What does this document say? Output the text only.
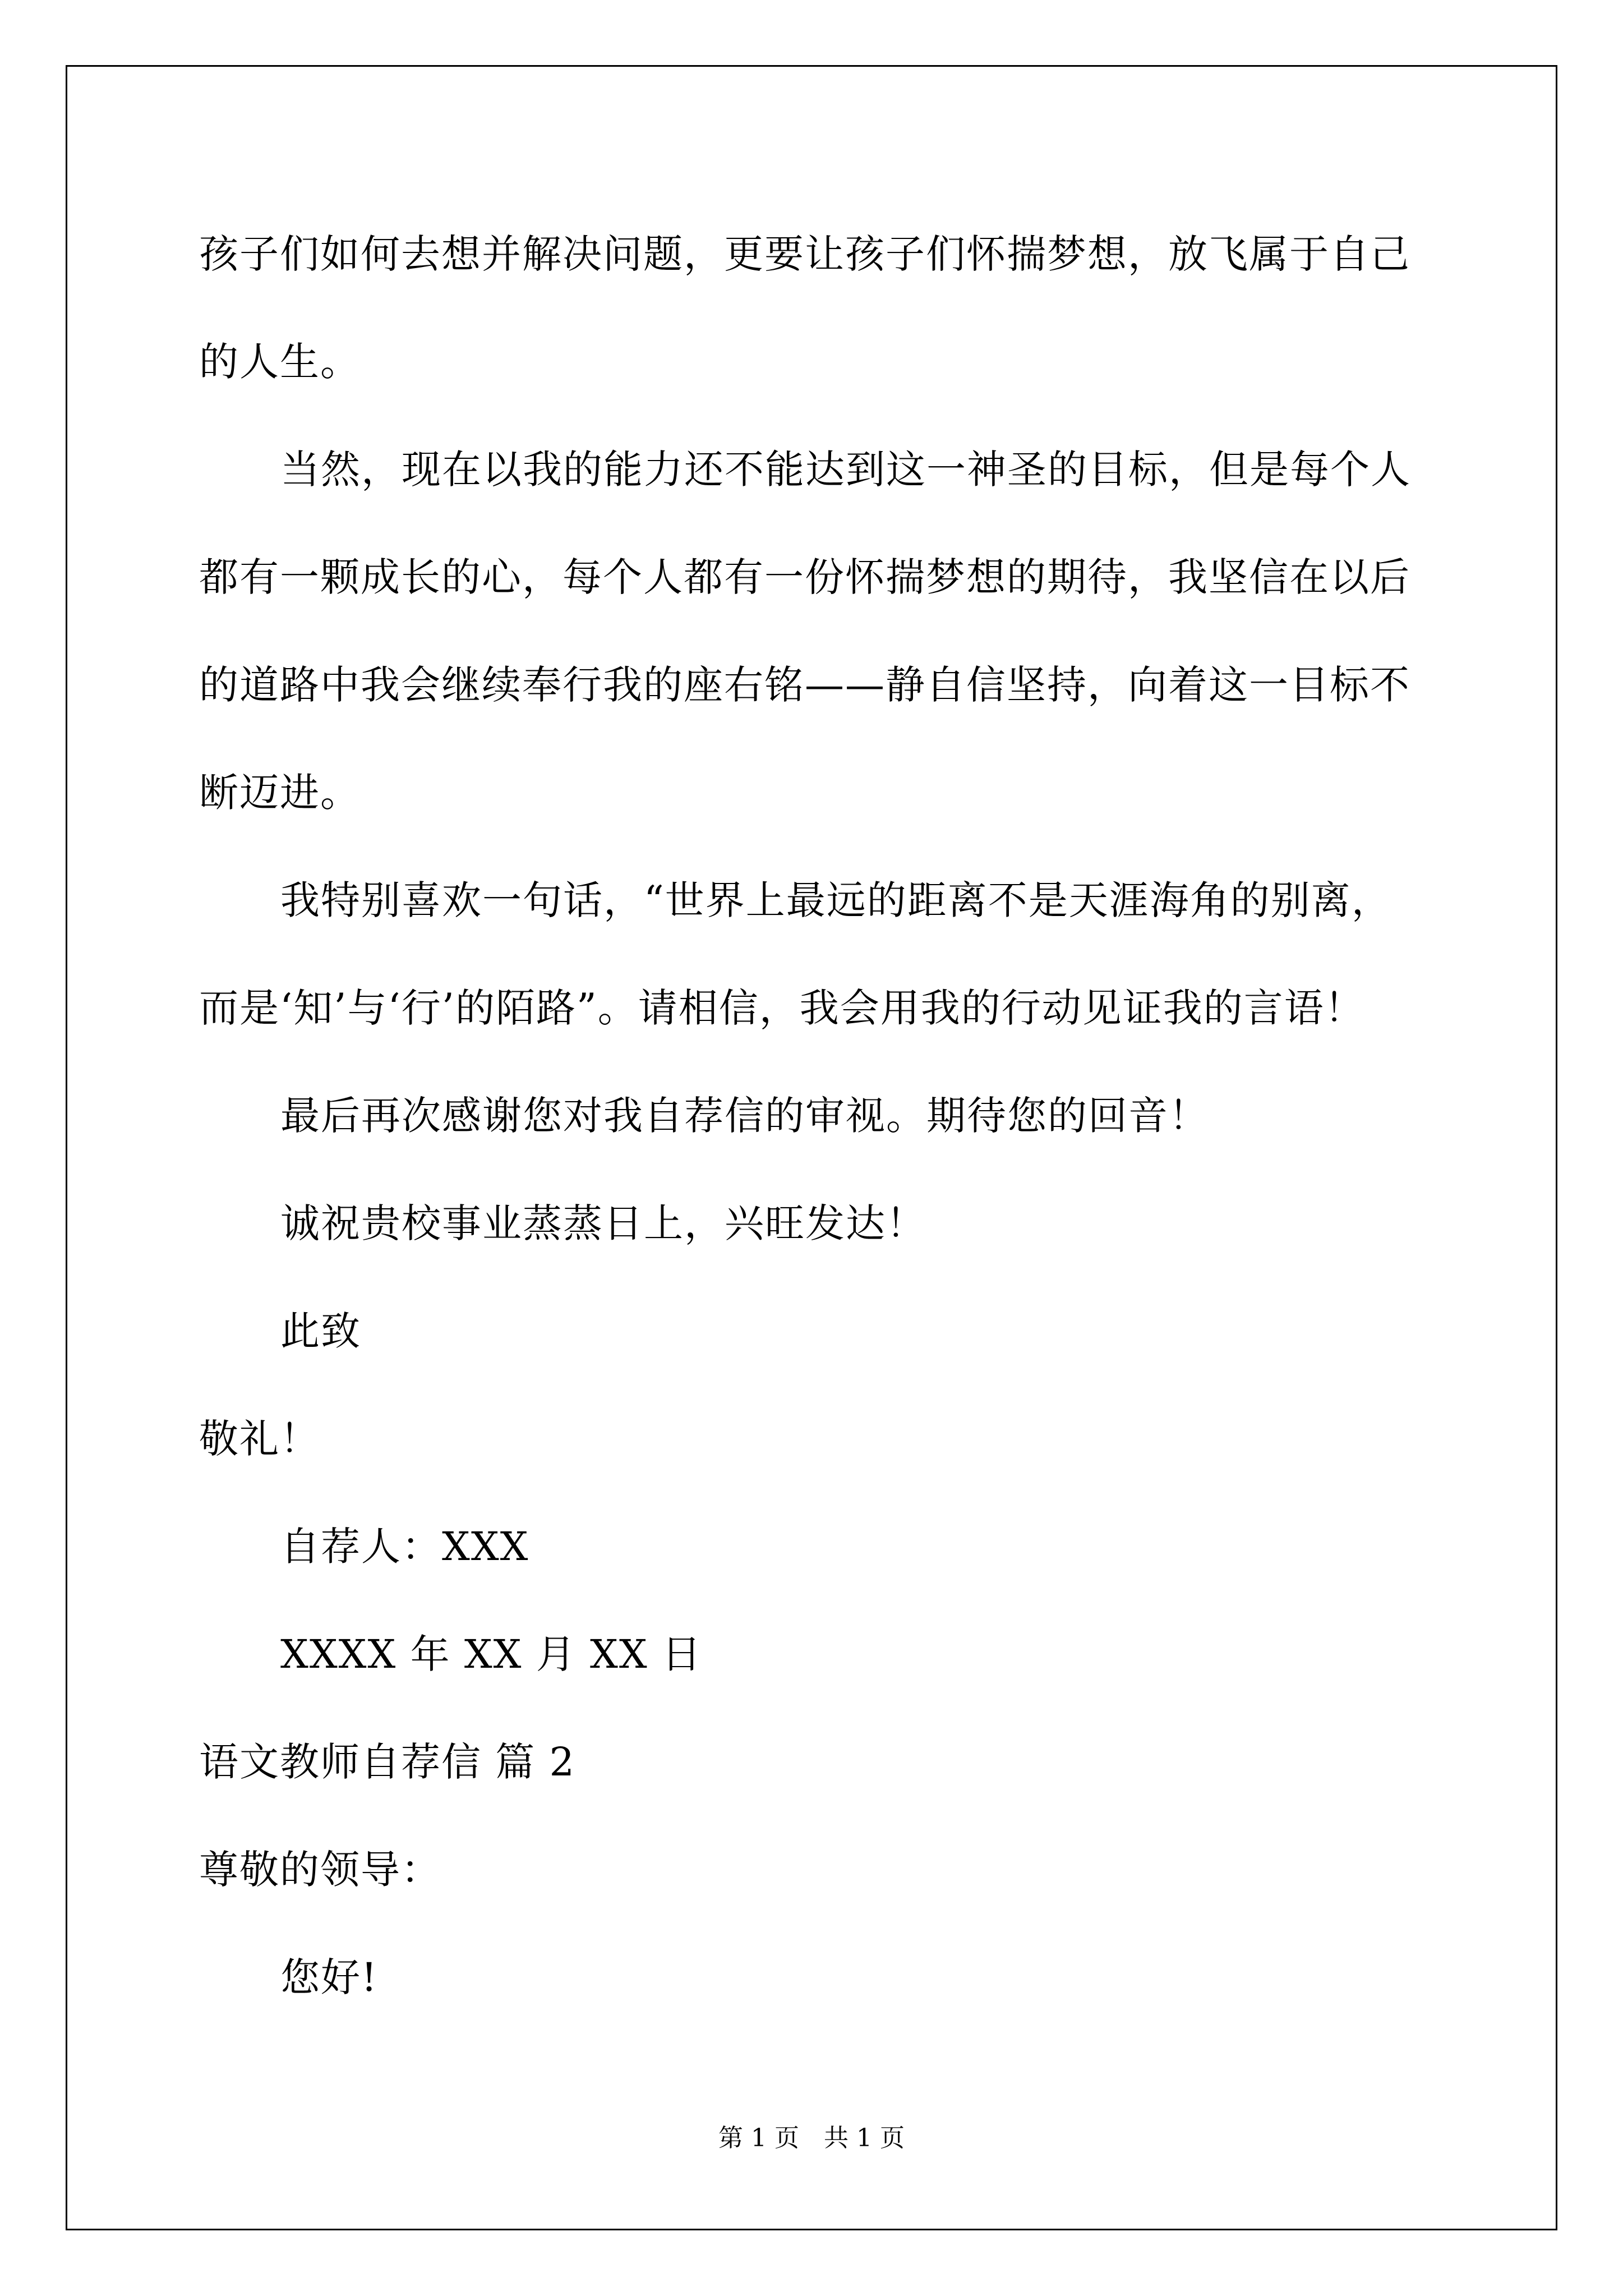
孩子们如何去想并解决问题，更要让孩子们怀揣梦想，放飞属于自己
的人生。
当然，现在以我的能力还不能达到这一神圣的目标，但是每个人
都有一颗成长的心，每个人都有一份怀揣梦想的期待，我坚信在以后
的道路中我会继续奉行我的座右铭——静自信坚持，向着这一目标不
断迈进。
我特别喜欢一句话，“世界上最远的距离不是天涯海角的别离，
而是‘知’与‘行’的陌路”。请相信，我会用我的行动见证我的言语！
最后再次感谢您对我自荐信的审视。期待您的回音！
诚祝贵校事业蒸蒸日上，兴旺发达！
此致
敬礼！
自荐人：XXX
XXXX 年 XX 月 XX 日
语文教师自荐信 篇 2
尊敬的领导：
您好!
第 1 页　共 1 页
